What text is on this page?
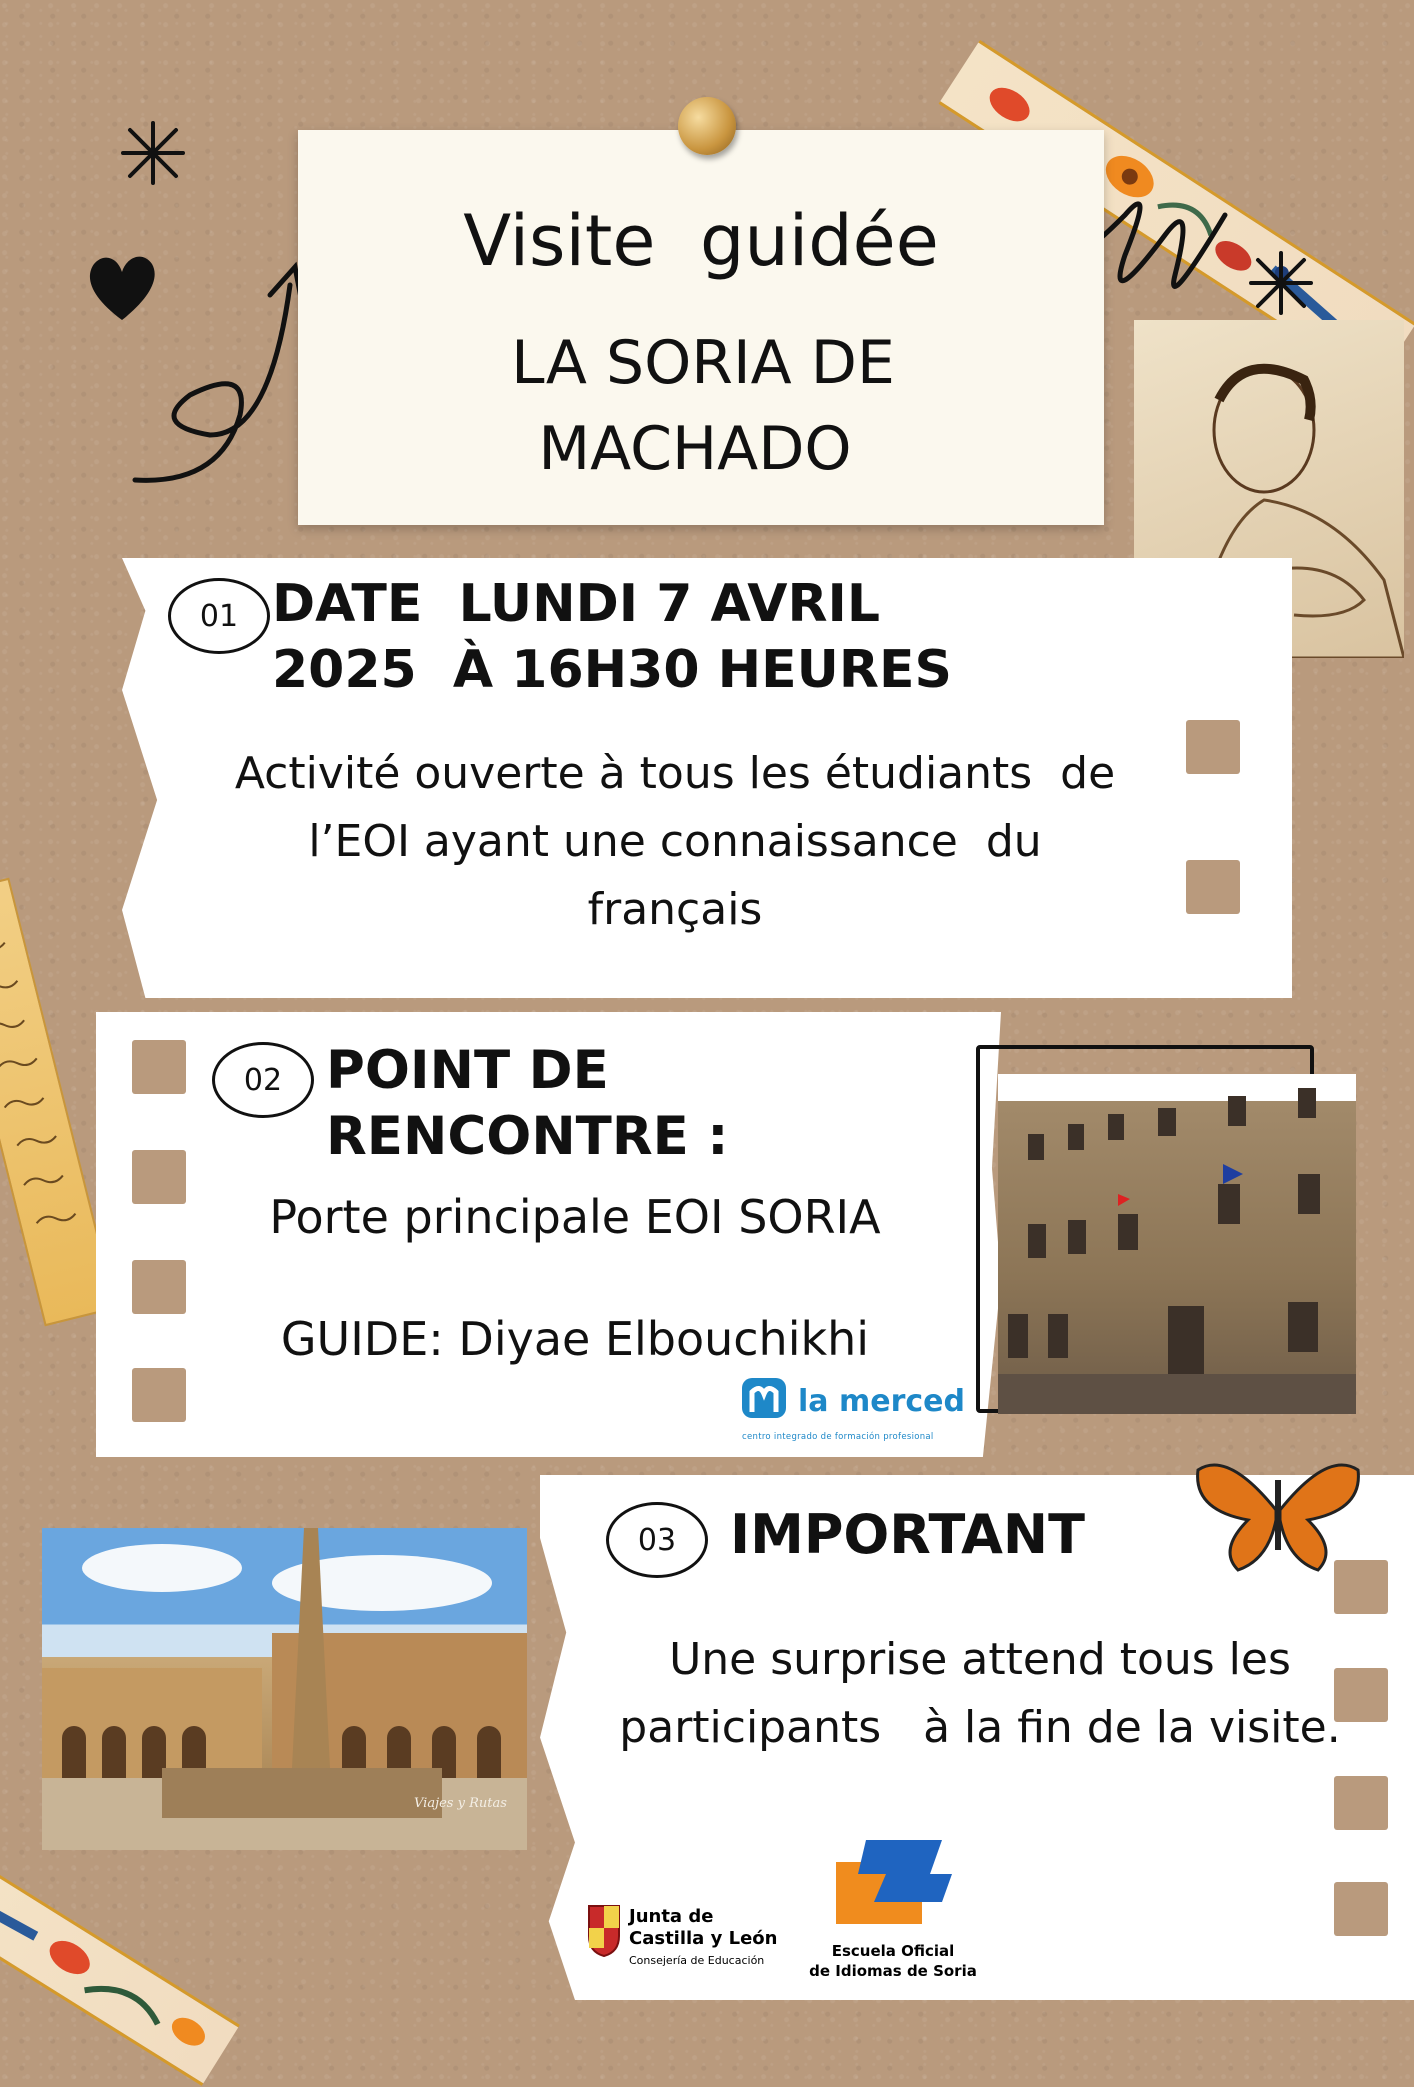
Visite  guidée
LA SORIA DE
MACHADO
01 DATE  LUNDI 7 AVRIL
2025  À 16H30 HEURES
Activité ouverte à tous les étudiants  de
l’EOI ayant une connaissance  du
français
02 POINT DE
RENCONTRE :
Porte principale EOI SORIA
GUIDE: Diyae Elbouchikhi
la merced
centro integrado de formación profesional
Viajes y Rutas
03 IMPORTANT
Une surprise attend tous les
participants   à la fin de la visite.
Junta de
Castilla y León
Consejería de Educación
Escuela Oficial
de Idiomas de Soria
